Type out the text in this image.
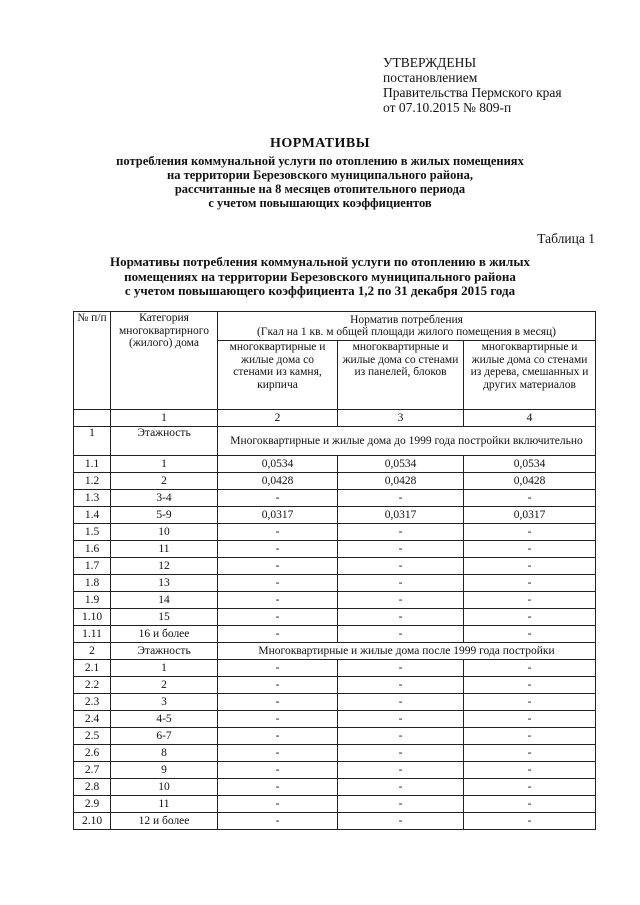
УТВЕРЖДЕНЫ
постановлением
Правительства Пермского края
от 07.10.2015 № 809-п
НОРМАТИВЫ
потребления коммунальной услуги по отоплению в жилых помещениях
на территории Березовского муниципального района,
рассчитанные на 8 месяцев отопительного периода
с учетом повышающих коэффициентов
Таблица 1
Нормативы потребления коммунальной услуги по отоплению в жилых
помещениях на территории Березовского муниципального района
с учетом повышающего коэффициента 1,2 по 31 декабря 2015 года
№ п/п	Категория многоквартирного (жилого) дома	Норматив потребления
(Гкал на 1 кв. м общей площади жилого помещения в месяц)		

		многоквартирные и жилые дома со стенами из камня, кирпича	многоквартирные и жилые дома со стенами из панелей, блоков	многоквартирные и жилые дома со стенами из дерева, смешанных и других материалов
	1	2	3	4
1	Этажность	Многоквартирные и жилые дома до 1999 года постройки включительно		
1.1	1	0,0534	0,0534	0,0534
1.2	2	0,0428	0,0428	0,0428
1.3	3-4	-	-	-
1.4	5-9	0,0317	0,0317	0,0317
1.5	10	-	-	-
1.6	11	-	-	-
1.7	12	-	-	-
1.8	13	-	-	-
1.9	14	-	-	-
1.10	15	-	-	-
1.11	16 и более	-	-	-
2	Этажность	Многоквартирные и жилые дома после 1999 года постройки		
2.1	1	-	-	-
2.2	2	-	-	-
2.3	3	-	-	-
2.4	4-5	-	-	-
2.5	6-7	-	-	-
2.6	8	-	-	-
2.7	9	-	-	-
2.8	10	-	-	-
2.9	11	-	-	-
2.10	12 и более	-	-	-
